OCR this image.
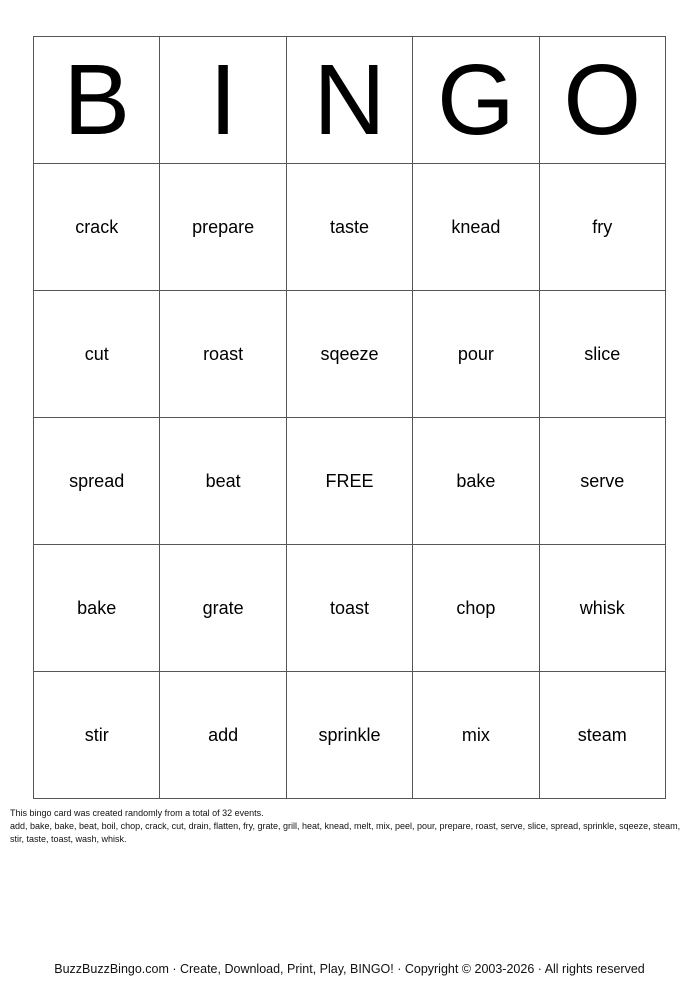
B	I	N	G	O
crack	prepare	taste	knead	fry
cut	roast	sqeeze	pour	slice
spread	beat	FREE	bake	serve
bake	grate	toast	chop	whisk
stir	add	sprinkle	mix	steam
This bingo card was created randomly from a total of 32 events.
add, bake, bake, beat, boil, chop, crack, cut, drain, flatten, fry, grate, grill, heat, knead, melt, mix, peel, pour, prepare, roast, serve, slice, spread, sprinkle, sqeeze, steam, stir, taste, toast, wash, whisk.
BuzzBuzzBingo.com · Create, Download, Print, Play, BINGO! · Copyright © 2003-2026 · All rights reserved
